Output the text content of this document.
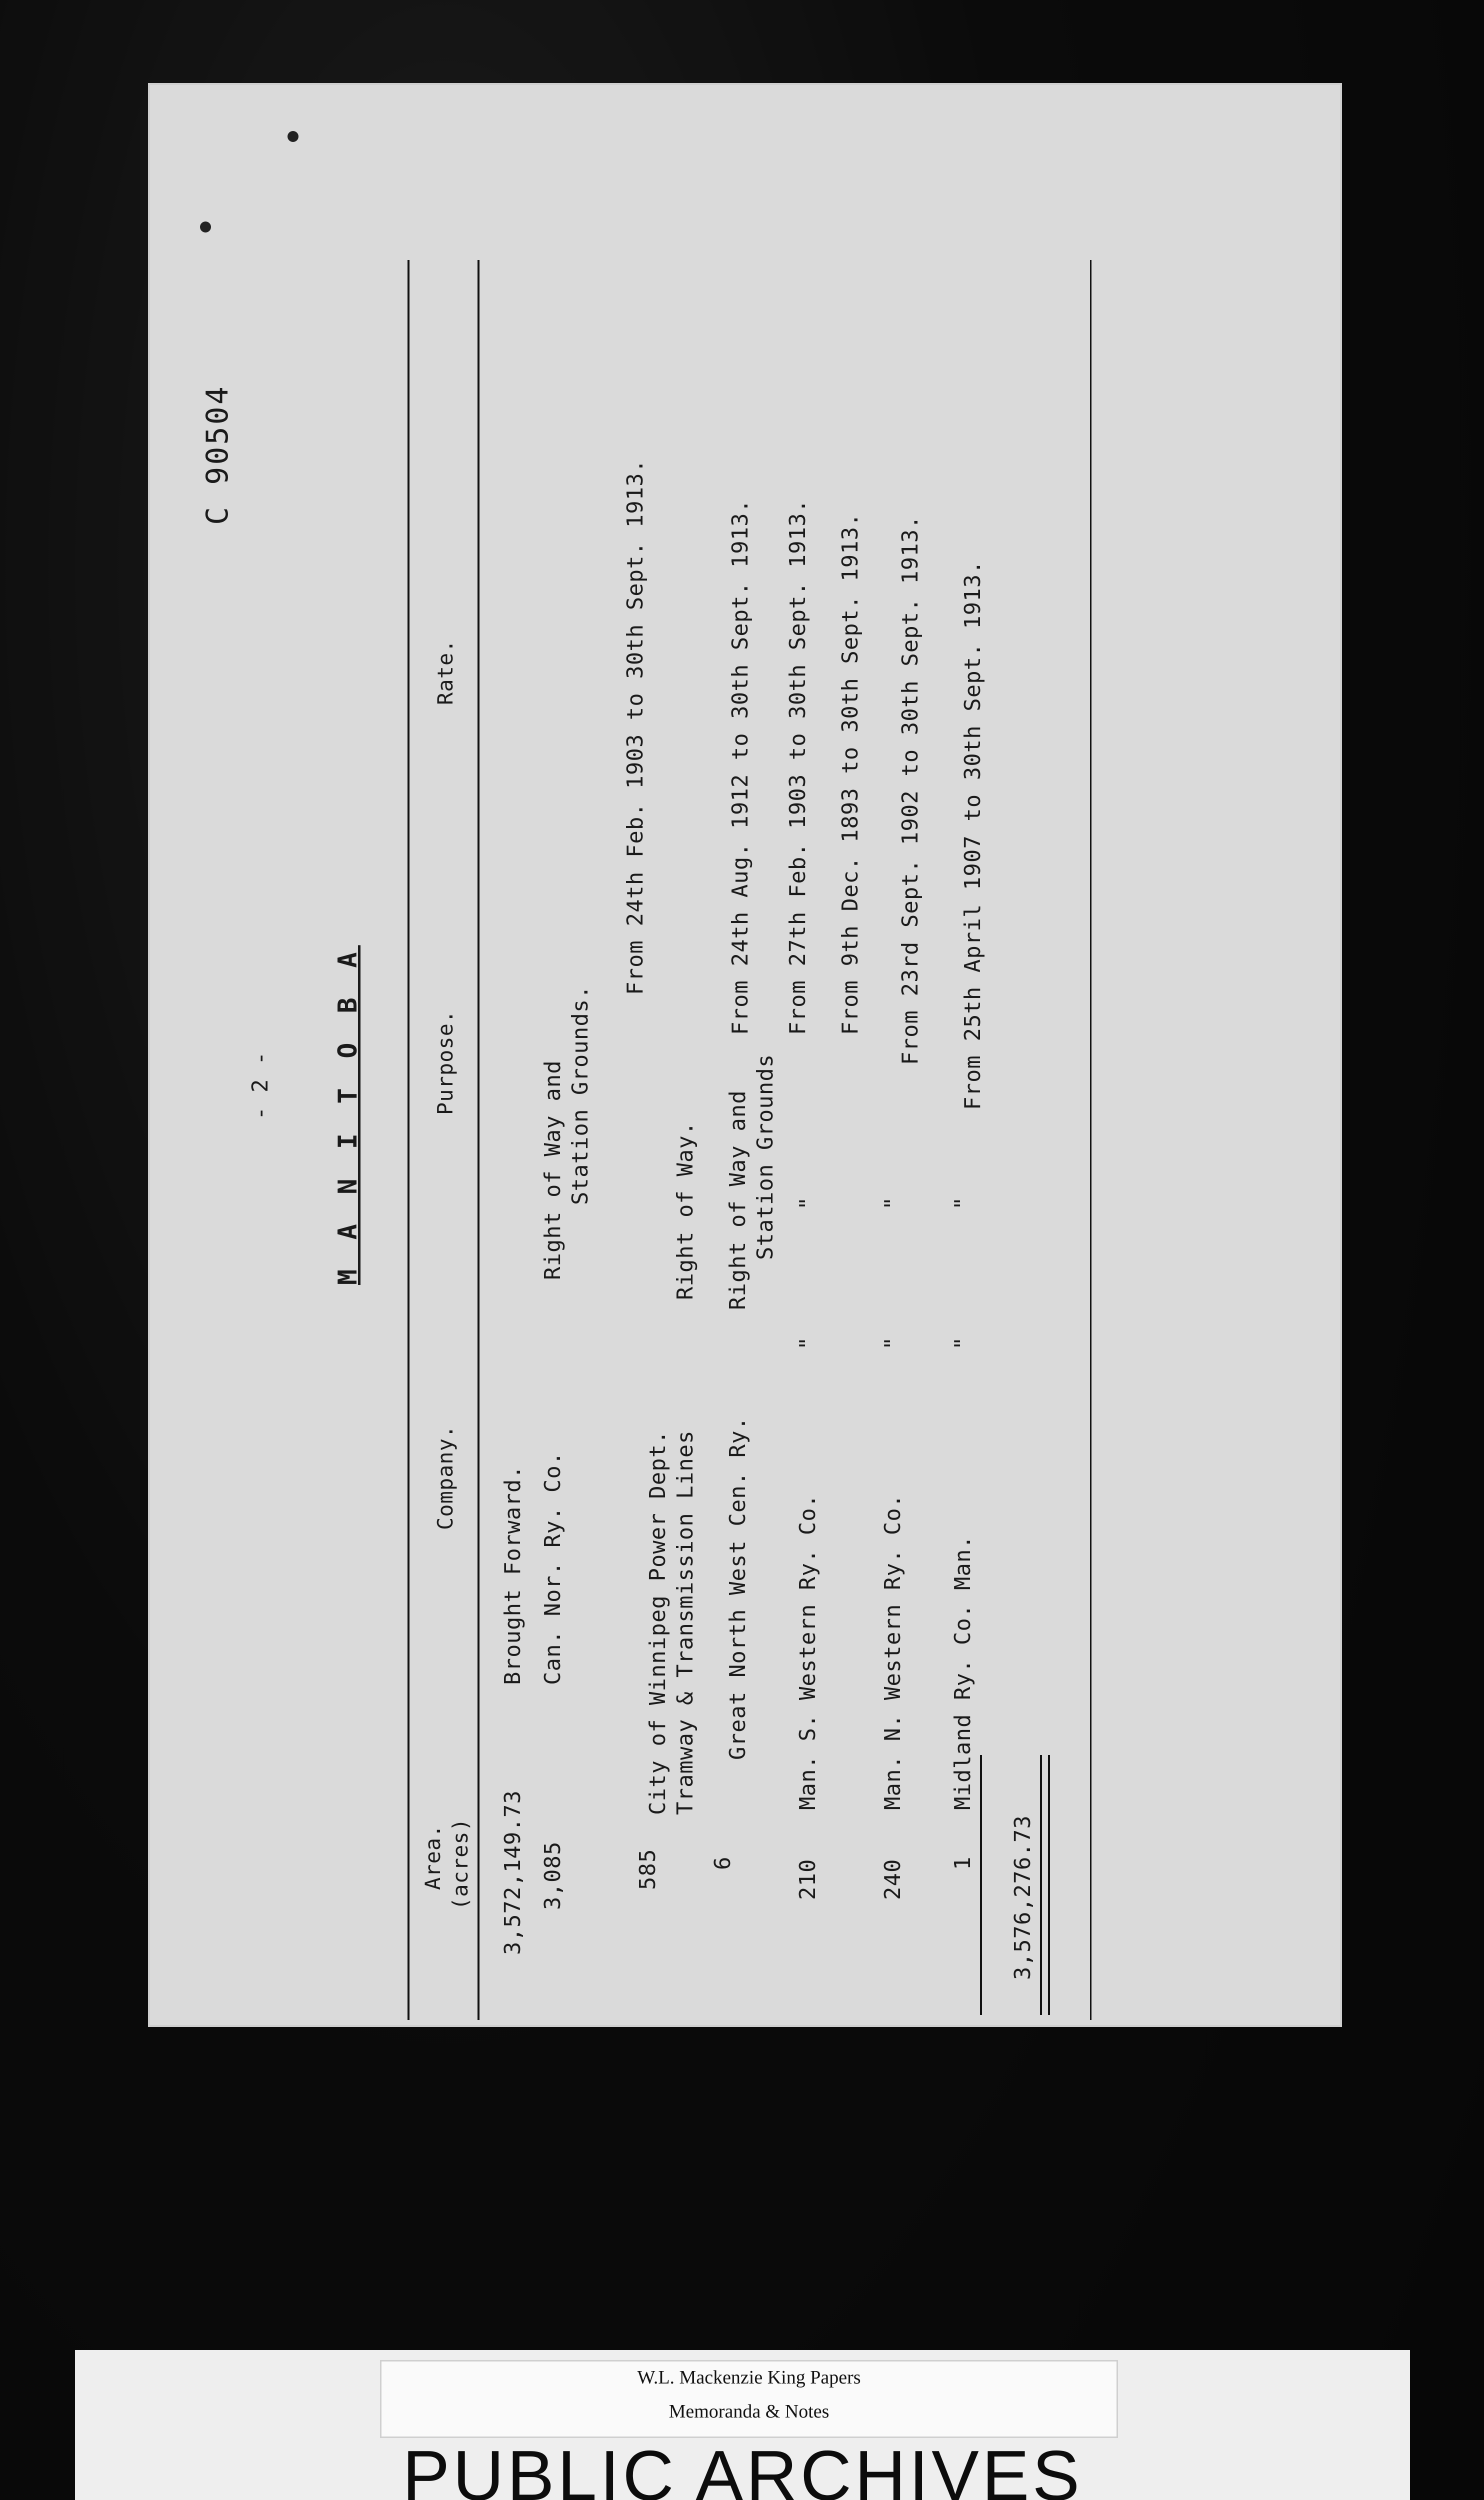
C 90504
- 2 - M A N I T O B A
Area. (acres)
Company.
Purpose.
Rate.
3,572,149.73
Brought Forward.
3,085
Can. Nor. Ry. Co.
Right of Way and Station Grounds.
From 24th Feb. 1903 to 30th Sept. 1913.
585
City of Winnipeg Power Dept. Tramway & Transmission Lines
Right of Way.
From 24th Aug. 1912 to 30th Sept. 1913.
6
Great North West Cen. Ry.
Right of Way and Station Grounds
From 27th Feb. 1903 to 30th Sept. 1913.
210
Man. S. Western Ry. Co.
"
"
From 9th Dec. 1893 to 30th Sept. 1913.
240
Man. N. Western Ry. Co.
"
"
From 23rd Sept. 1902 to 30th Sept. 1913.
1
Midland Ry. Co. Man.
"
"
From 25th April 1907 to 30th Sept. 1913.
3,576,276.73
W.L. Mackenzie King Papers
Memoranda & Notes
PUBLIC ARCHIVES
